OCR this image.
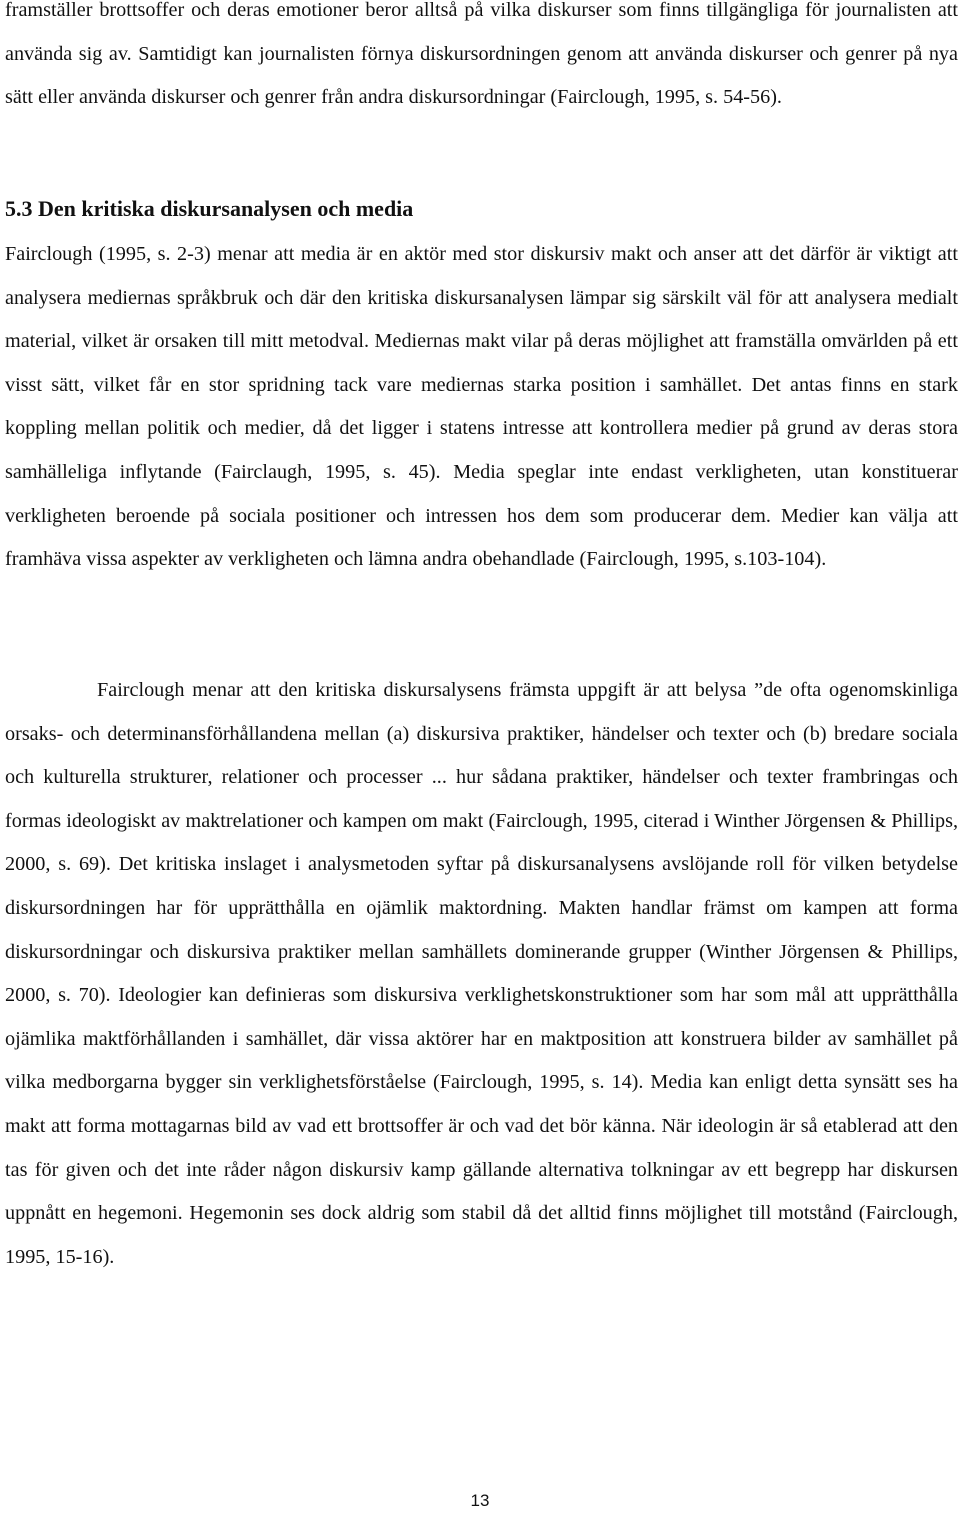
framställer brottsoffer och deras emotioner beror alltså på vilka diskurser som finns tillgängliga för journalisten att använda sig av. Samtidigt kan journalisten förnya diskursordningen genom att använda diskurser och genrer på nya sätt eller använda diskurser och genrer från andra diskursordningar (Fairclough, 1995, s. 54-56).

5.3 Den kritiska diskursanalysen och media

Fairclough (1995, s. 2-3) menar att media är en aktör med stor diskursiv makt och anser att det därför är viktigt att analysera mediernas språkbruk och där den kritiska diskursanalysen lämpar sig särskilt väl för att analysera medialt material, vilket är orsaken till mitt metodval. Mediernas makt vilar på deras möjlighet att framställa omvärlden på ett visst sätt, vilket får en stor spridning tack vare mediernas starka position i samhället. Det antas finns en stark koppling mellan politik och medier, då det ligger i statens intresse att kontrollera medier på grund av deras stora samhälleliga inflytande (Fairclaugh, 1995, s. 45). Media speglar inte endast verkligheten, utan konstituerar verkligheten beroende på sociala positioner och intressen hos dem som producerar dem. Medier kan välja att framhäva vissa aspekter av verkligheten och lämna andra obehandlade (Fairclough, 1995, s.103-104).

Fairclough menar att den kritiska diskursalysens främsta uppgift är att belysa ”de ofta ogenomskinliga orsaks- och determinansförhållandena mellan (a) diskursiva praktiker, händelser och texter och (b) bredare sociala och kulturella strukturer, relationer och processer ... hur sådana praktiker, händelser och texter frambringas och formas ideologiskt av maktrelationer och kampen om makt (Fairclough, 1995, citerad i Winther Jörgensen & Phillips, 2000, s. 69). Det kritiska inslaget i analysmetoden syftar på diskursanalysens avslöjande roll för vilken betydelse diskursordningen har för upprätthålla en ojämlik maktordning. Makten handlar främst om kampen att forma diskursordningar och diskursiva praktiker mellan samhällets dominerande grupper (Winther Jörgensen & Phillips, 2000, s. 70). Ideologier kan definieras som diskursiva verklighetskonstruktioner som har som mål att upprätthålla ojämlika maktförhållanden i samhället, där vissa aktörer har en maktposition att konstruera bilder av samhället på vilka medborgarna bygger sin verklighetsförståelse (Fairclough, 1995, s. 14). Media kan enligt detta synsätt ses ha makt att forma mottagarnas bild av vad ett brottsoffer är och vad det bör känna. När ideologin är så etablerad att den tas för given och det inte råder någon diskursiv kamp gällande alternativa tolkningar av ett begrepp har diskursen uppnått en hegemoni. Hegemonin ses dock aldrig som stabil då det alltid finns möjlighet till motstånd (Fairclough, 1995, 15-16).

13
